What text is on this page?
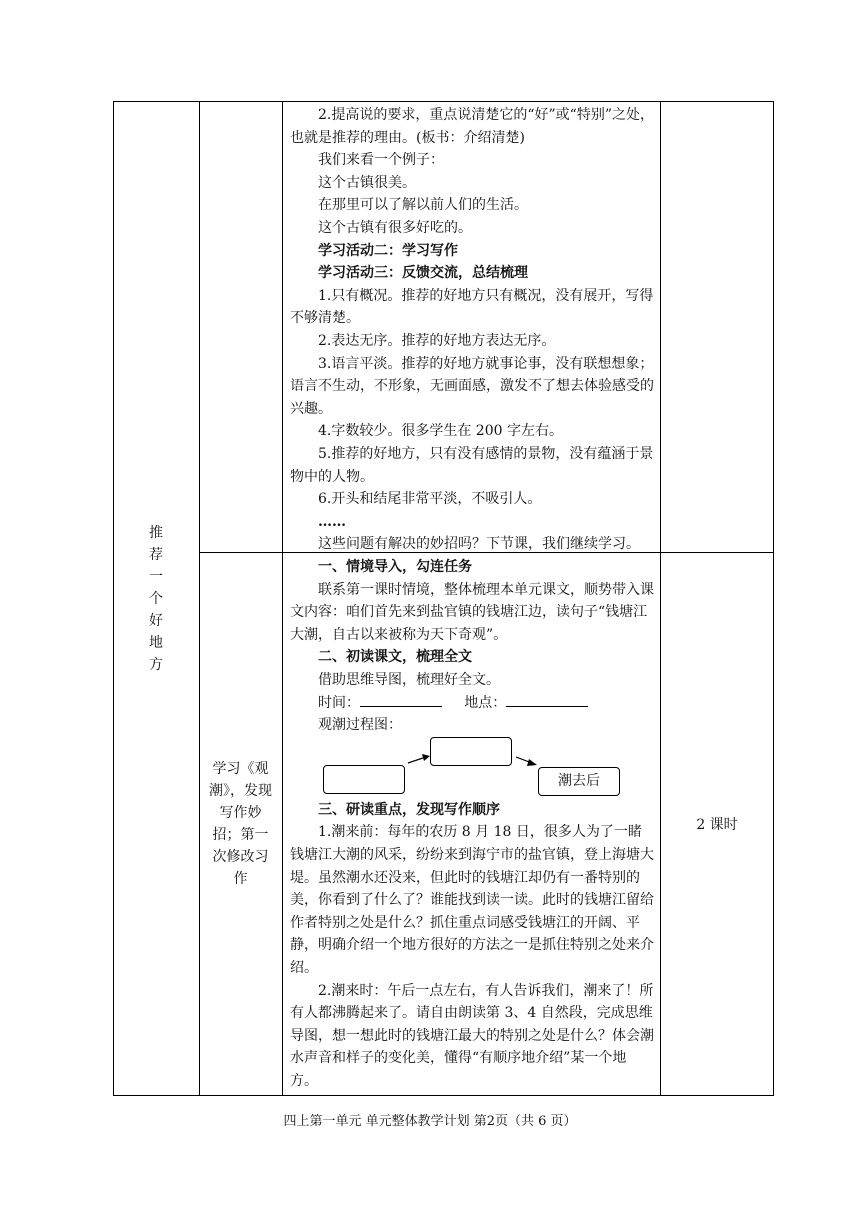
推荐一个好地方
学习《观潮》，发现写作妙招；第一次修改习作
2 课时

2.提高说的要求，重点说清楚它的“好”或“特别”之处，也就是推荐的理由。(板书：介绍清楚)

我们来看一个例子：

这个古镇很美。

在那里可以了解以前人们的生活。

这个古镇有很多好吃的。

学习活动二：学习写作

学习活动三：反馈交流，总结梳理

1.只有概况。推荐的好地方只有概况，没有展开，写得不够清楚。

2.表达无序。推荐的好地方表达无序。

3.语言平淡。推荐的好地方就事论事，没有联想想象；语言不生动，不形象，无画面感，激发不了想去体验感受的兴趣。

4.字数较少。很多学生在 200 字左右。

5.推荐的好地方，只有没有感情的景物，没有蕴涵于景物中的人物。

6.开头和结尾非常平淡，不吸引人。

……

这些问题有解决的妙招吗？下节课，我们继续学习。

一、情境导入，勾连任务

联系第一课时情境，整体梳理本单元课文，顺势带入课文内容：咱们首先来到盐官镇的钱塘江边，读句子“钱塘江大潮，自古以来被称为天下奇观”。

二、初读课文，梳理全文

借助思维导图，梳理好全文。

时间：	地点：

观潮过程图：

潮去后

三、研读重点，发现写作顺序

1.潮来前：每年的农历 8 月 18 日，很多人为了一睹钱塘江大潮的风采，纷纷来到海宁市的盐官镇，登上海塘大堤。虽然潮水还没来，但此时的钱塘江却仍有一番特别的美，你看到了什么了？谁能找到读一读。此时的钱塘江留给作者特别之处是什么？抓住重点词感受钱塘江的开阔、平静，明确介绍一个地方很好的方法之一是抓住特别之处来介绍。

2.潮来时：午后一点左右，有人告诉我们，潮来了！所有人都沸腾起来了。请自由朗读第 3、4 自然段，完成思维导图，想一想此时的钱塘江最大的特别之处是什么？体会潮水声音和样子的变化美，懂得“有顺序地介绍”某一个地方。

四上第一单元 单元整体教学计划 第2页（共 6 页）
